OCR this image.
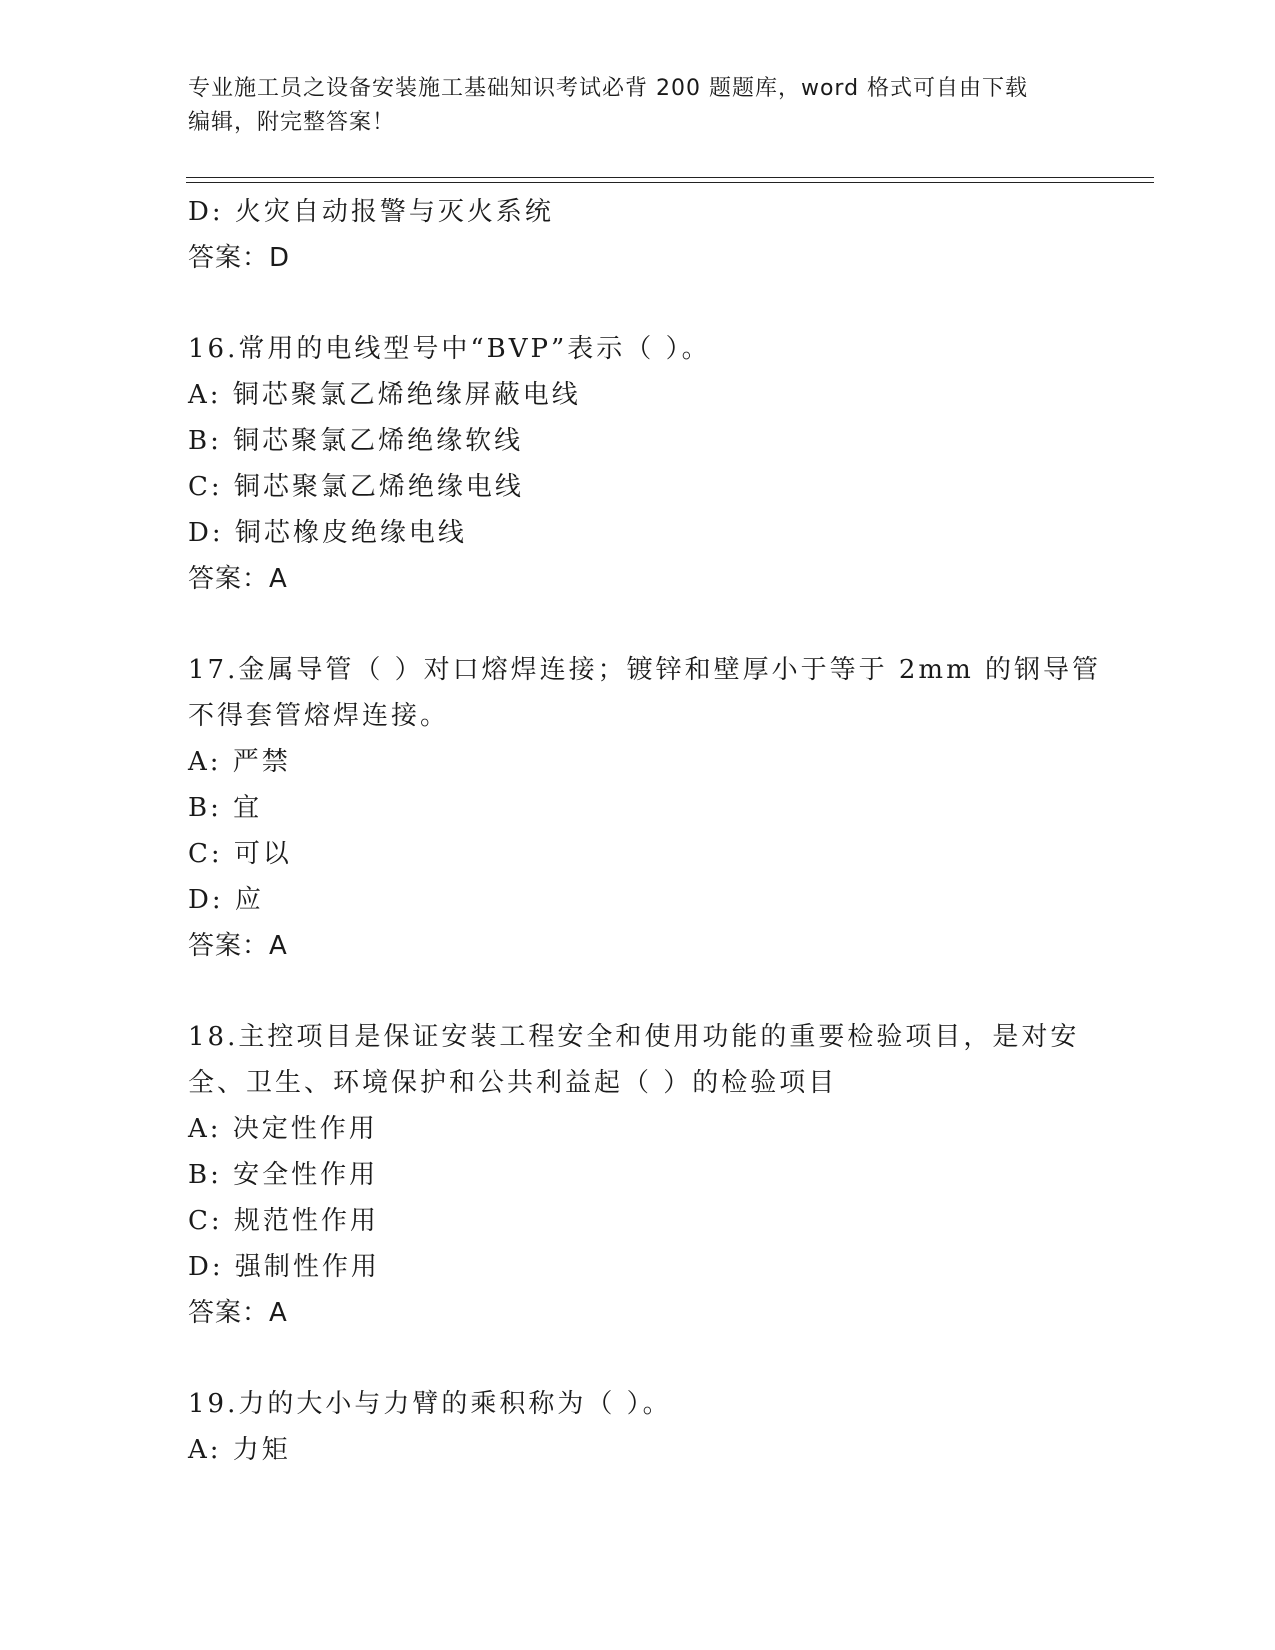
专业施工员之设备安装施工基础知识考试必背 200 题题库，word 格式可自由下载
编辑，附完整答案！
D: 火灾自动报警与灭火系统
答案：D
16.常用的电线型号中“BVP”表示（ ）。
A: 铜芯聚氯乙烯绝缘屏蔽电线
B: 铜芯聚氯乙烯绝缘软线
C: 铜芯聚氯乙烯绝缘电线
D: 铜芯橡皮绝缘电线
答案：A
17.金属导管（ ）对口熔焊连接；镀锌和壁厚小于等于 2mm 的钢导管
不得套管熔焊连接。
A: 严禁
B: 宜
C: 可以
D: 应
答案：A
18.主控项目是保证安装工程安全和使用功能的重要检验项目，是对安
全、卫生、环境保护和公共利益起（ ）的检验项目
A: 决定性作用
B: 安全性作用
C: 规范性作用
D: 强制性作用
答案：A
19.力的大小与力臂的乘积称为（ ）。
A: 力矩
